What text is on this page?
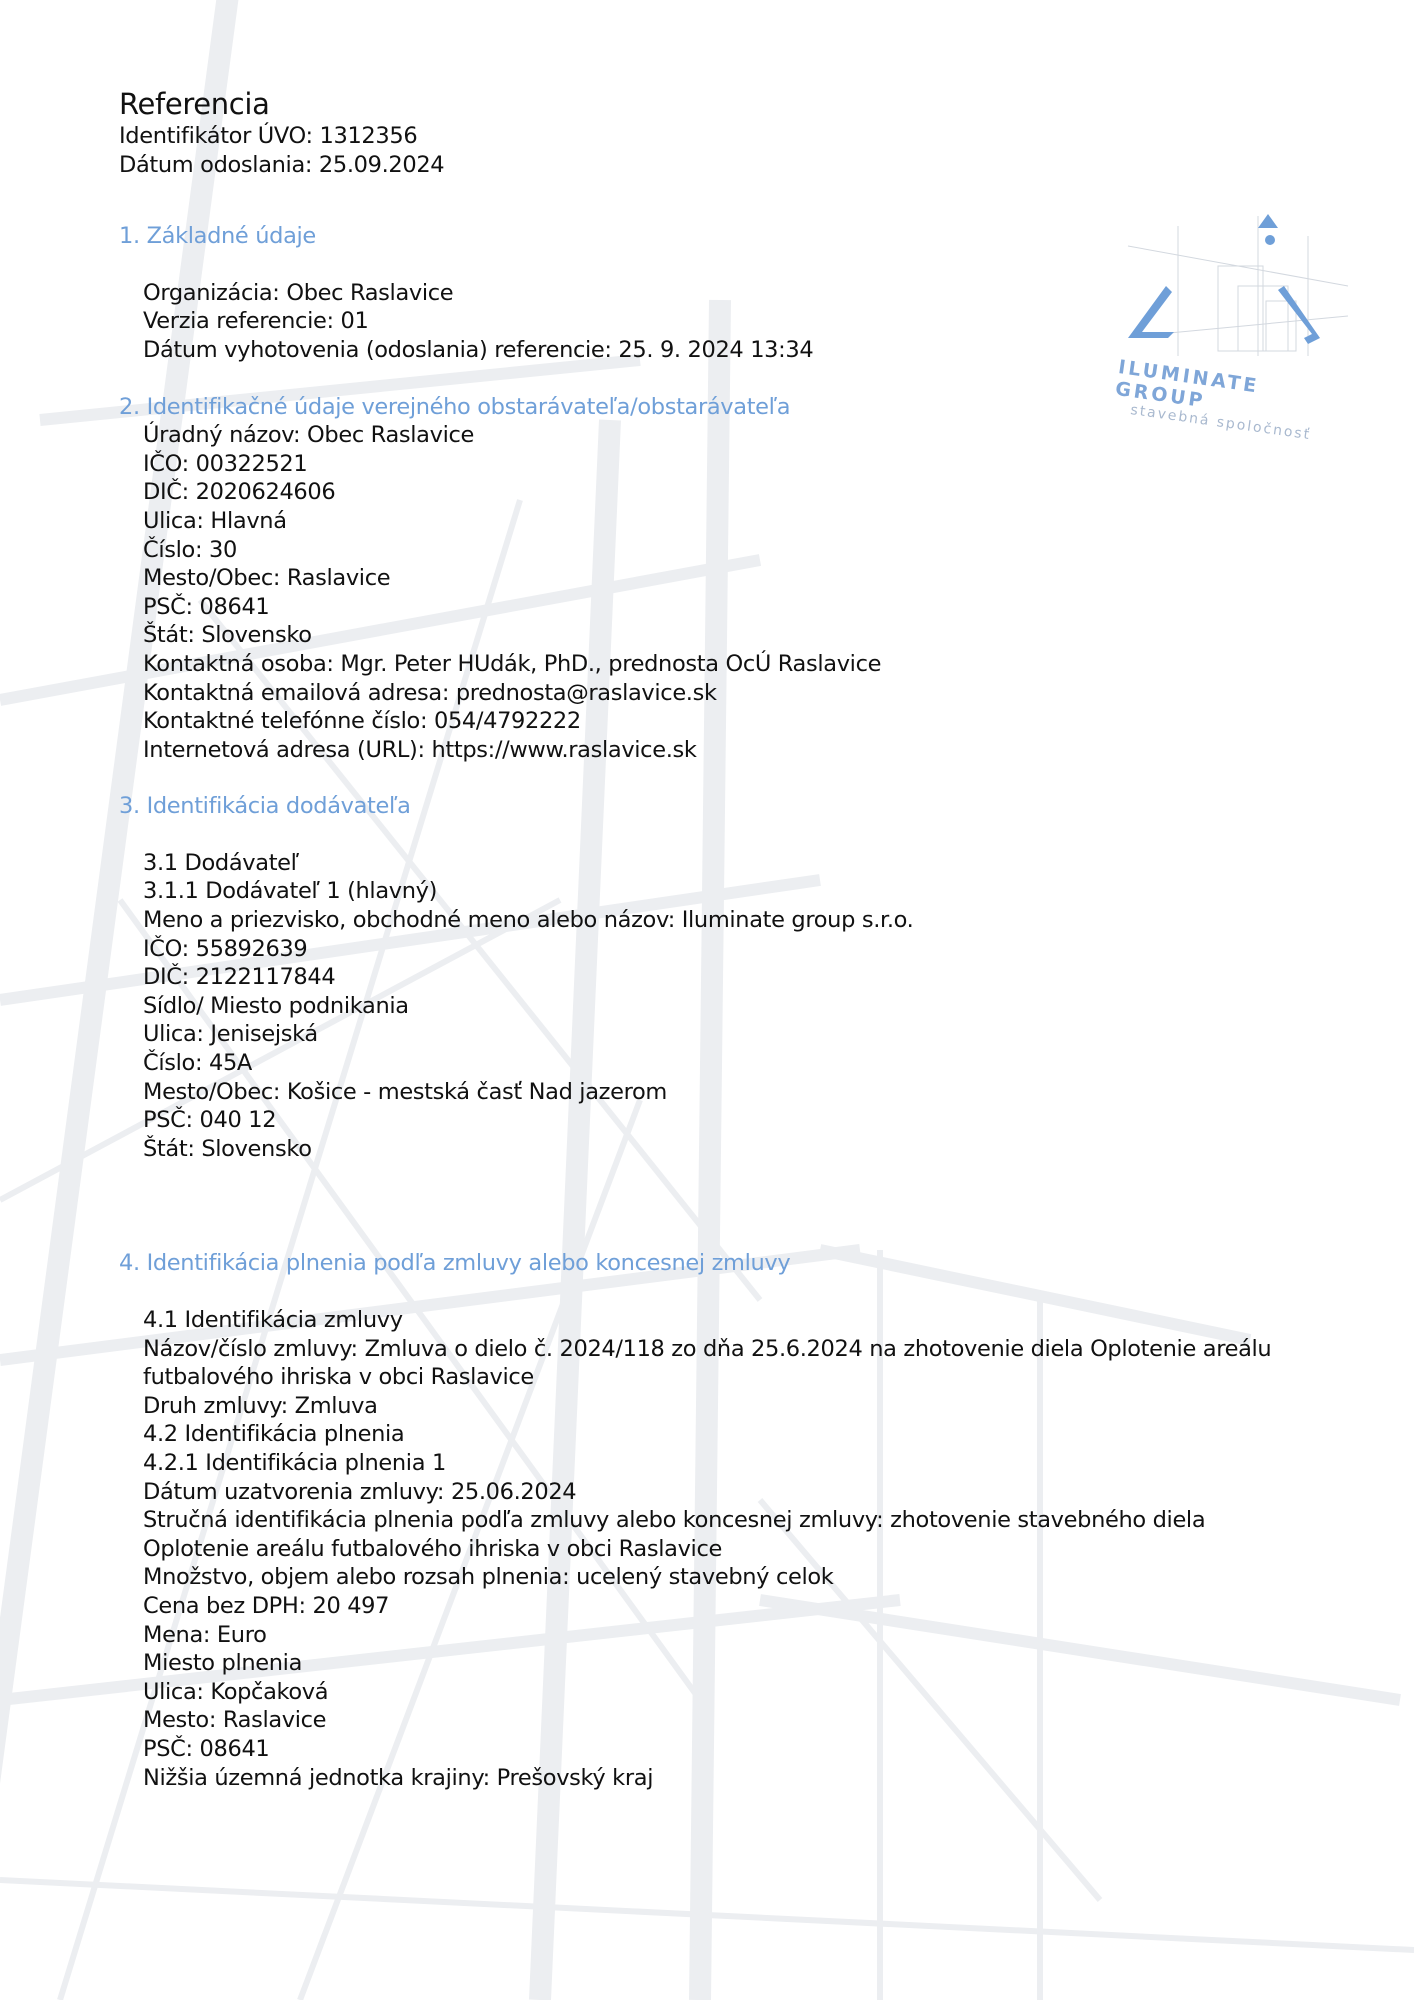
ILUMINATE GROUP
stavebná spoločnosť
Referencia
Identifikátor ÚVO: 1312356
Dátum odoslania: 25.09.2024
1. Základné údaje
Organizácia: Obec Raslavice
Verzia referencie: 01
Dátum vyhotovenia (odoslania) referencie: 25. 9. 2024 13:34
2. Identifikačné údaje verejného obstarávateľa/obstarávateľa
Úradný názov: Obec Raslavice
IČO: 00322521
DIČ: 2020624606
Ulica: Hlavná
Číslo: 30
Mesto/Obec: Raslavice
PSČ: 08641
Štát: Slovensko
Kontaktná osoba: Mgr. Peter HUdák, PhD., prednosta OcÚ Raslavice
Kontaktná emailová adresa: prednosta@raslavice.sk
Kontaktné telefónne číslo: 054/4792222
Internetová adresa (URL): https://www.raslavice.sk
3. Identifikácia dodávateľa
3.1 Dodávateľ
3.1.1 Dodávateľ 1 (hlavný)
Meno a priezvisko, obchodné meno alebo názov: Iluminate group s.r.o.
IČO: 55892639
DIČ: 2122117844
Sídlo/ Miesto podnikania
Ulica: Jenisejská
Číslo: 45A
Mesto/Obec: Košice - mestská časť Nad jazerom
PSČ: 040 12
Štát: Slovensko
4. Identifikácia plnenia podľa zmluvy alebo koncesnej zmluvy
4.1 Identifikácia zmluvy
Názov/číslo zmluvy: Zmluva o dielo č. 2024/118 zo dňa 25.6.2024 na zhotovenie diela Oplotenie areálu futbalového ihriska v obci Raslavice
Druh zmluvy: Zmluva
4.2 Identifikácia plnenia
4.2.1 Identifikácia plnenia 1
Dátum uzatvorenia zmluvy: 25.06.2024
Stručná identifikácia plnenia podľa zmluvy alebo koncesnej zmluvy: zhotovenie stavebného diela Oplotenie areálu futbalového ihriska v obci Raslavice
Množstvo, objem alebo rozsah plnenia: ucelený stavebný celok
Cena bez DPH: 20 497
Mena: Euro
Miesto plnenia
Ulica: Kopčaková
Mesto: Raslavice
PSČ: 08641
Nižšia územná jednotka krajiny: Prešovský kraj
